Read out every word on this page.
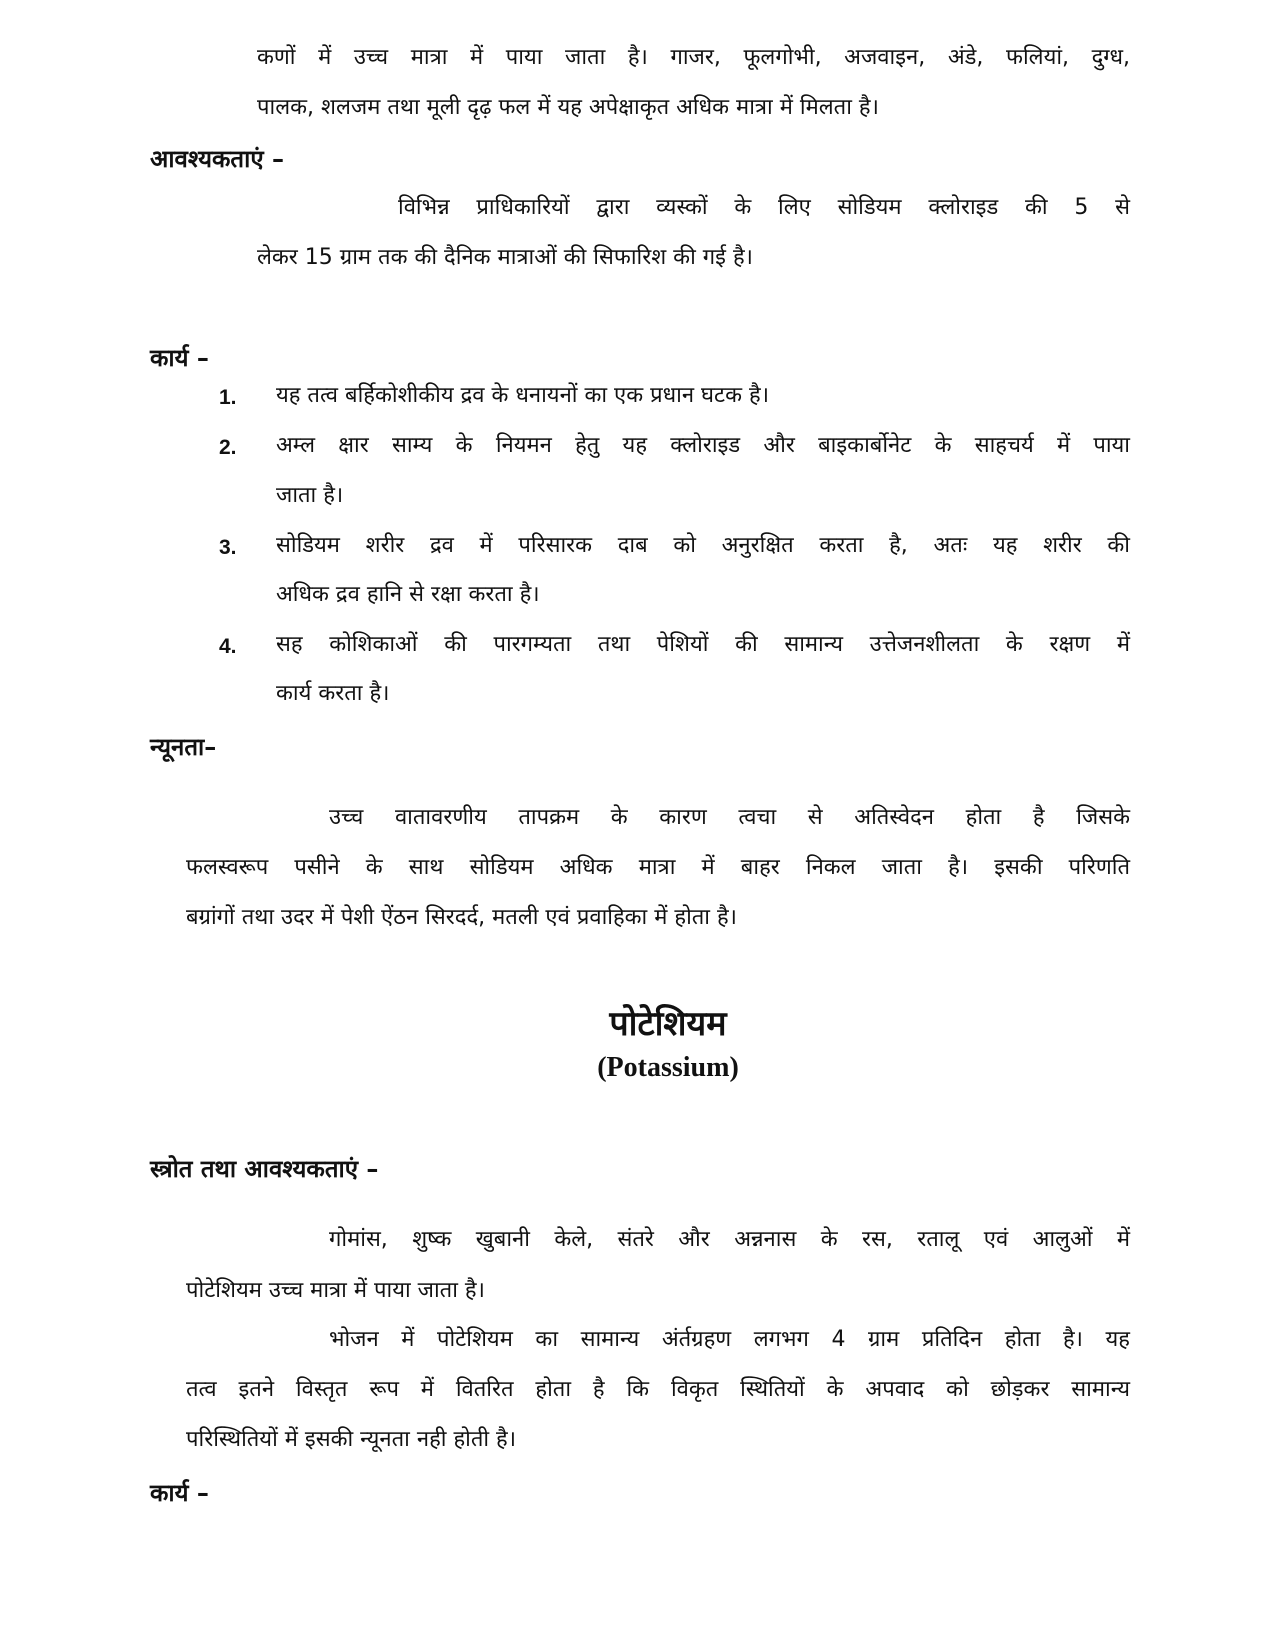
कणों में उच्च मात्रा में पाया जाता है। गाजर, फूलगोभी, अजवाइन, अंडे, फलियां, दुग्ध,
पालक, शलजम तथा मूली दृढ़ फल में यह अपेक्षाकृत अधिक मात्रा में मिलता है।
आवश्यकताएं –
विभिन्न प्राधिकारियों द्वारा व्यस्कों के लिए सोडियम क्लोराइड की 5 से
लेकर 15 ग्राम तक की दैनिक मात्राओं की सिफारिश की गई है।
कार्य –
1. यह तत्व बर्हिकोशीकीय द्रव के धनायनों का एक प्रधान घटक है।
2. अम्ल क्षार साम्य के नियमन हेतु यह क्लोराइड और बाइकार्बोनेट के साहचर्य में पाया
जाता है।
3. सोडियम शरीर द्रव में परिसारक दाब को अनुरक्षित करता है, अतः यह शरीर की
अधिक द्रव हानि से रक्षा करता है।
4. सह कोशिकाओं की पारगम्यता तथा पेशियों की सामान्य उत्तेजनशीलता के रक्षण में
कार्य करता है।
न्यूनता–
उच्च वातावरणीय तापक्रम के कारण त्वचा से अतिस्वेदन होता है जिसके
फलस्वरूप पसीने के साथ सोडियम अधिक मात्रा में बाहर निकल जाता है। इसकी परिणति
बग्रांगों तथा उदर में पेशी ऐंठन सिरदर्द, मतली एवं प्रवाहिका में होता है।
पोटेशियम
(Potassium)
स्त्रोत तथा आवश्यकताएं –
गोमांस, शुष्क खुबानी केले, संतरे और अन्ननास के रस, रतालू एवं आलुओं में
पोटेशियम उच्च मात्रा में पाया जाता है।
भोजन में पोटेशियम का सामान्य अंर्तग्रहण लगभग 4 ग्राम प्रतिदिन होता है। यह
तत्व इतने विस्तृत रूप में वितरित होता है कि विकृत स्थितियों के अपवाद को छोड़कर सामान्य
परिस्थितियों में इसकी न्यूनता नही होती है।
कार्य –
